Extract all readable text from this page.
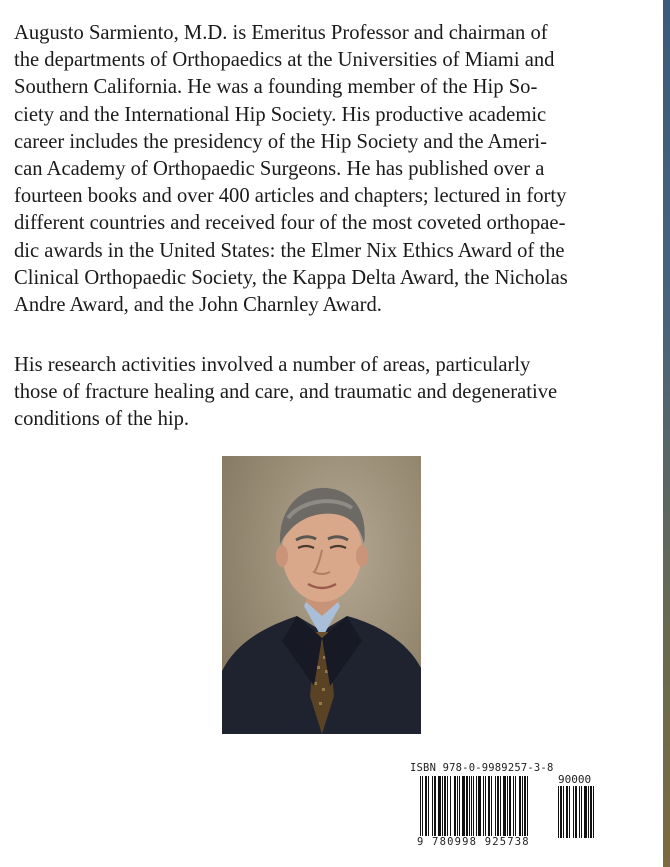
Augusto Sarmiento, M.D. is Emeritus Professor and chairman of
the departments of Orthopaedics at the Universities of Miami and
Southern California. He was a founding member of the Hip So-
ciety and the International Hip Society. His productive academic
career includes the presidency of the Hip Society and the Ameri-
can Academy of Orthopaedic Surgeons. He has published over a
fourteen books and over 400 articles and chapters; lectured in forty
different countries and received four of the most coveted orthopae-
dic awards in the United States: the Elmer Nix Ethics Award of the
Clinical Orthopaedic Society, the Kappa Delta Award, the Nicholas
Andre Award, and the John Charnley Award.
His research activities involved a number of areas, particularly
those of fracture healing and care, and traumatic and degenerative
conditions of the hip.
ISBN 978-0-9989257-3-8
90000
9 780998 925738
